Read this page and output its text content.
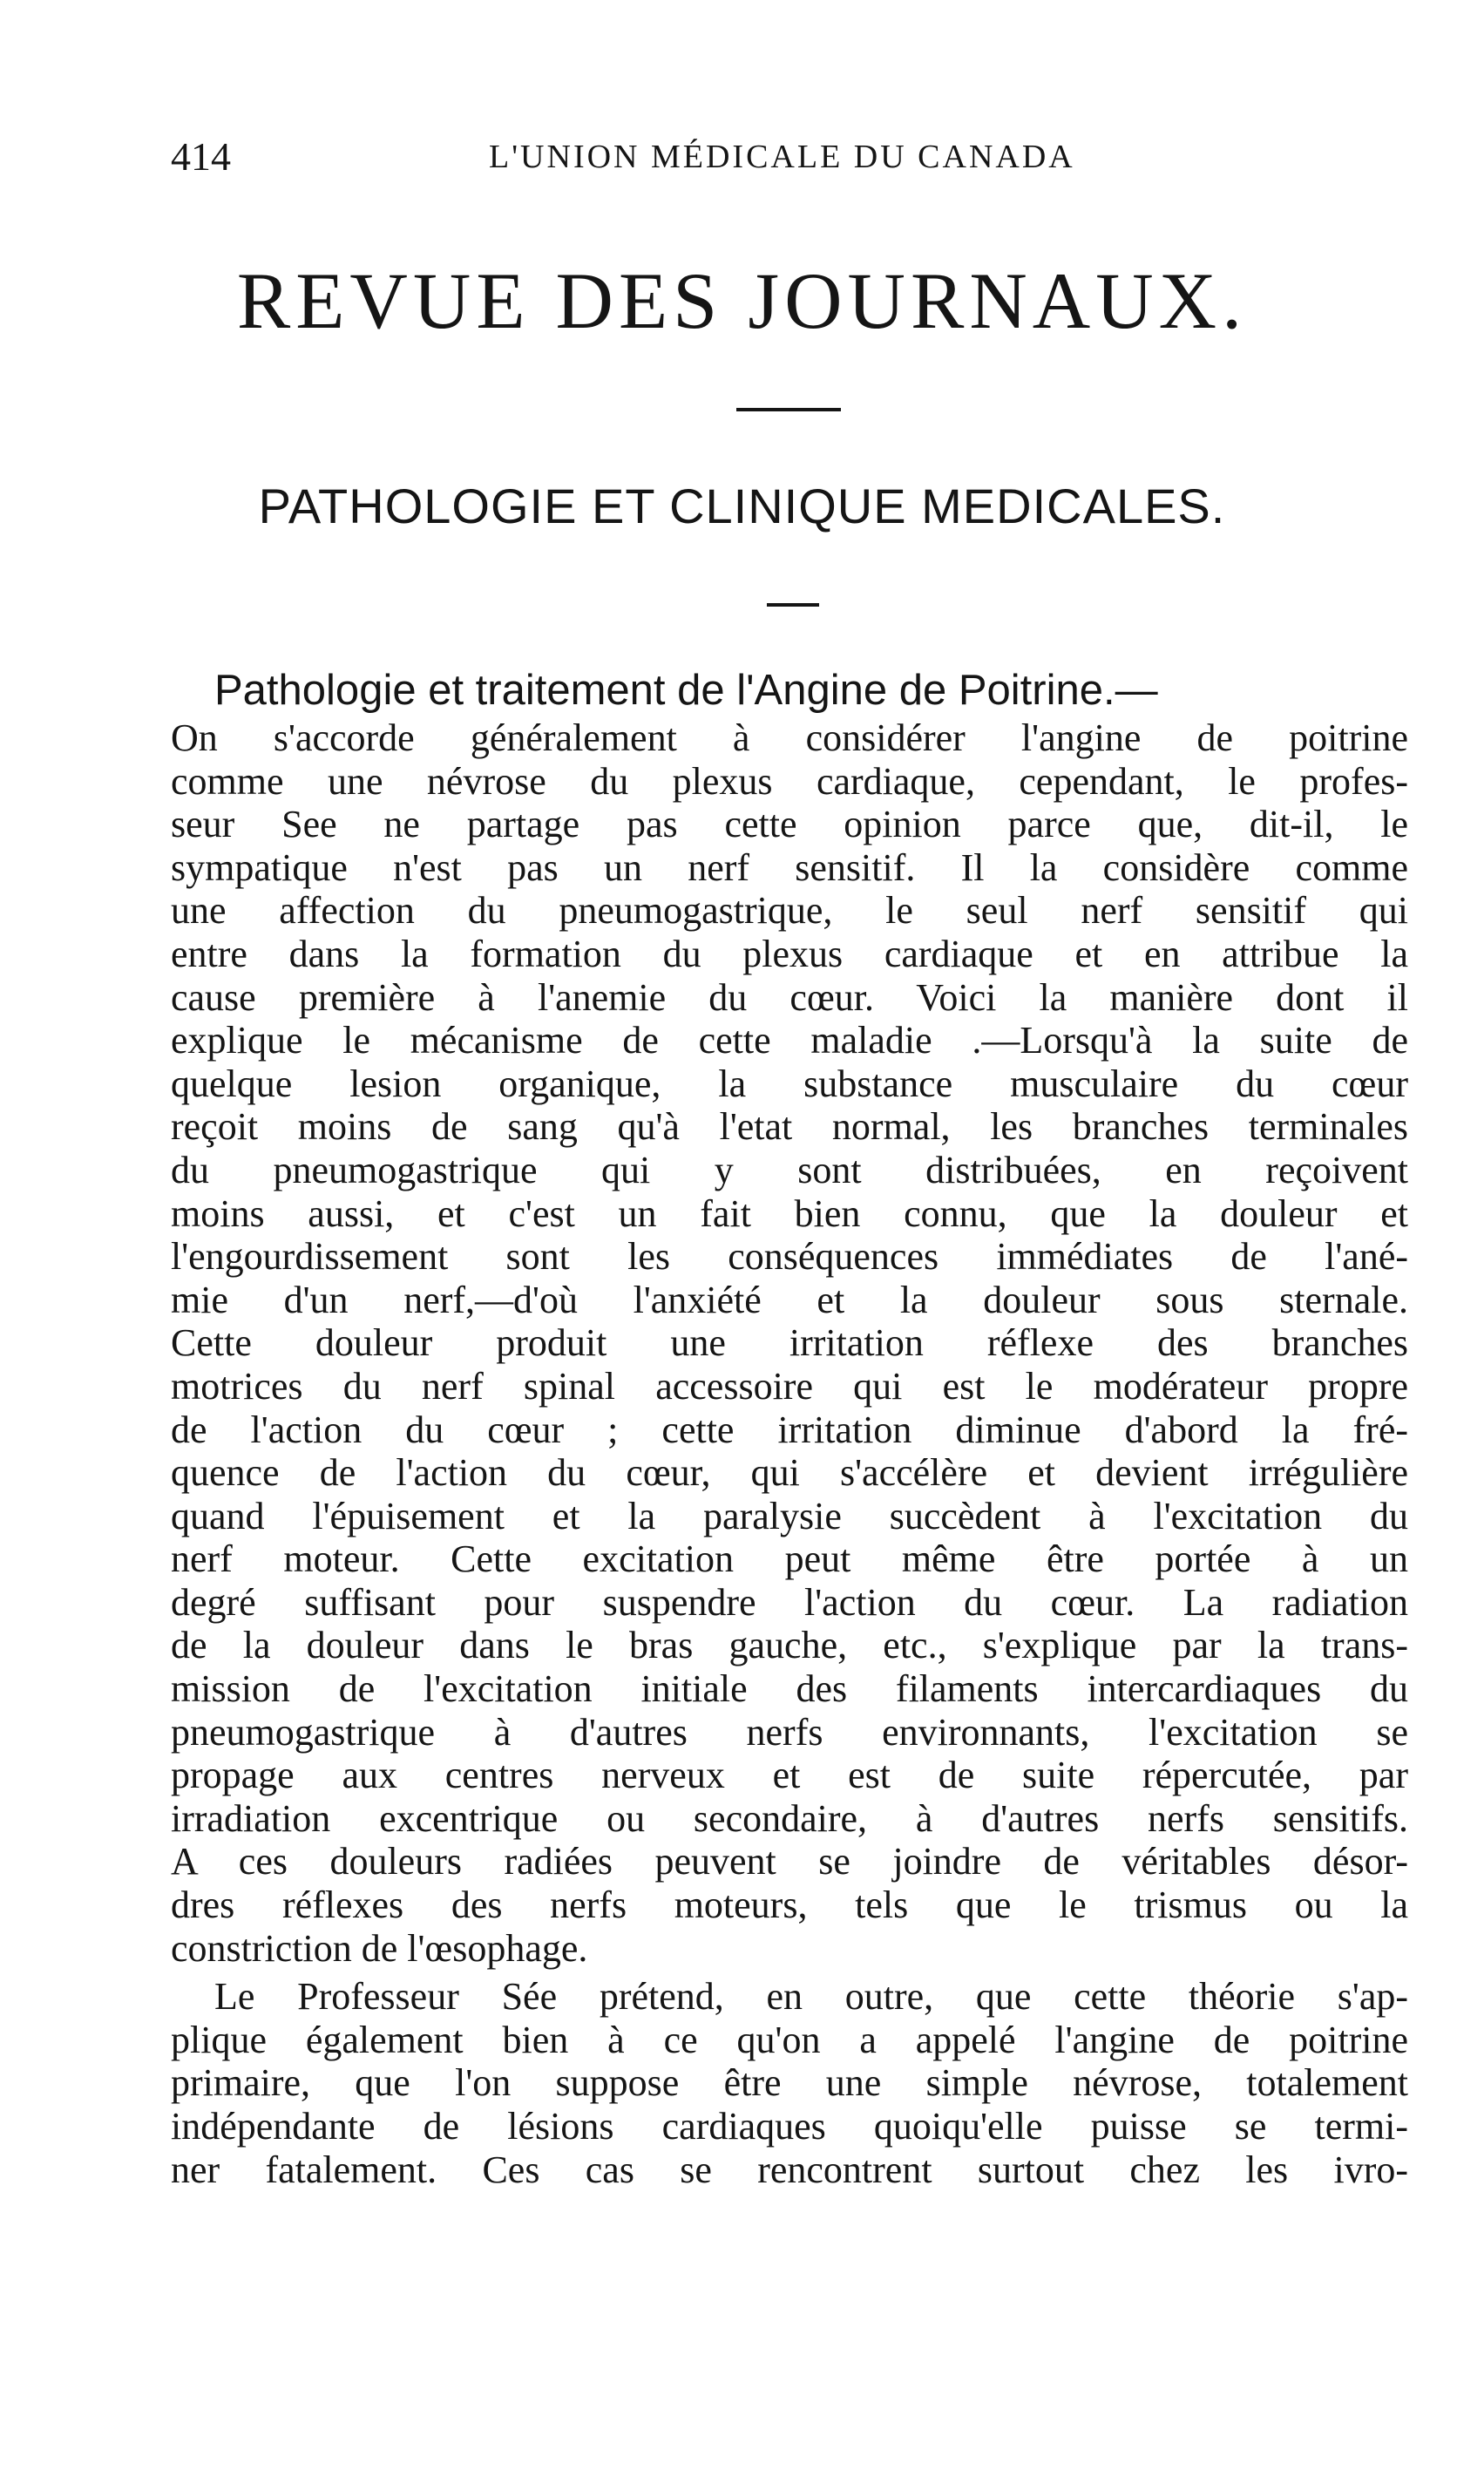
414	L'UNION MÉDICALE DU CANADA
REVUE DES JOURNAUX.
PATHOLOGIE ET CLINIQUE MEDICALES.
Pathologie et traitement de l'Angine de Poitrine.—
On s'accorde généralement à considérer l'angine de poitrine
comme une névrose du plexus cardiaque, cependant, le profes-
seur See ne partage pas cette opinion parce que, dit-il, le
sympatique n'est pas un nerf sensitif. Il la considère comme
une affection du pneumogastrique, le seul nerf sensitif qui
entre dans la formation du plexus cardiaque et en attribue la
cause première à l'anemie du cœur. Voici la manière dont il
explique le mécanisme de cette maladie .—Lorsqu'à la suite de
quelque lesion organique, la substance musculaire du cœur
reçoit moins de sang qu'à l'etat normal, les branches terminales
du pneumogastrique qui y sont distribuées, en reçoivent
moins aussi, et c'est un fait bien connu, que la douleur et
l'engourdissement sont les conséquences immédiates de l'ané-
mie d'un nerf,—d'où l'anxiété et la douleur sous sternale.
Cette douleur produit une irritation réflexe des branches
motrices du nerf spinal accessoire qui est le modérateur propre
de l'action du cœur ; cette irritation diminue d'abord la fré-
quence de l'action du cœur, qui s'accélère et devient irrégulière
quand l'épuisement et la paralysie succèdent à l'excitation du
nerf moteur. Cette excitation peut même être portée à un
degré suffisant pour suspendre l'action du cœur. La radiation
de la douleur dans le bras gauche, etc., s'explique par la trans-
mission de l'excitation initiale des filaments intercardiaques du
pneumogastrique à d'autres nerfs environnants, l'excitation se
propage aux centres nerveux et est de suite répercutée, par
irradiation excentrique ou secondaire, à d'autres nerfs sensitifs.
A ces douleurs radiées peuvent se joindre de véritables désor-
dres réflexes des nerfs moteurs, tels que le trismus ou la
constriction de l'œsophage.
Le Professeur Sée prétend, en outre, que cette théorie s'ap-
plique également bien à ce qu'on a appelé l'angine de poitrine
primaire, que l'on suppose être une simple névrose, totalement
indépendante de lésions cardiaques quoiqu'elle puisse se termi-
ner fatalement. Ces cas se rencontrent surtout chez les ivro-
